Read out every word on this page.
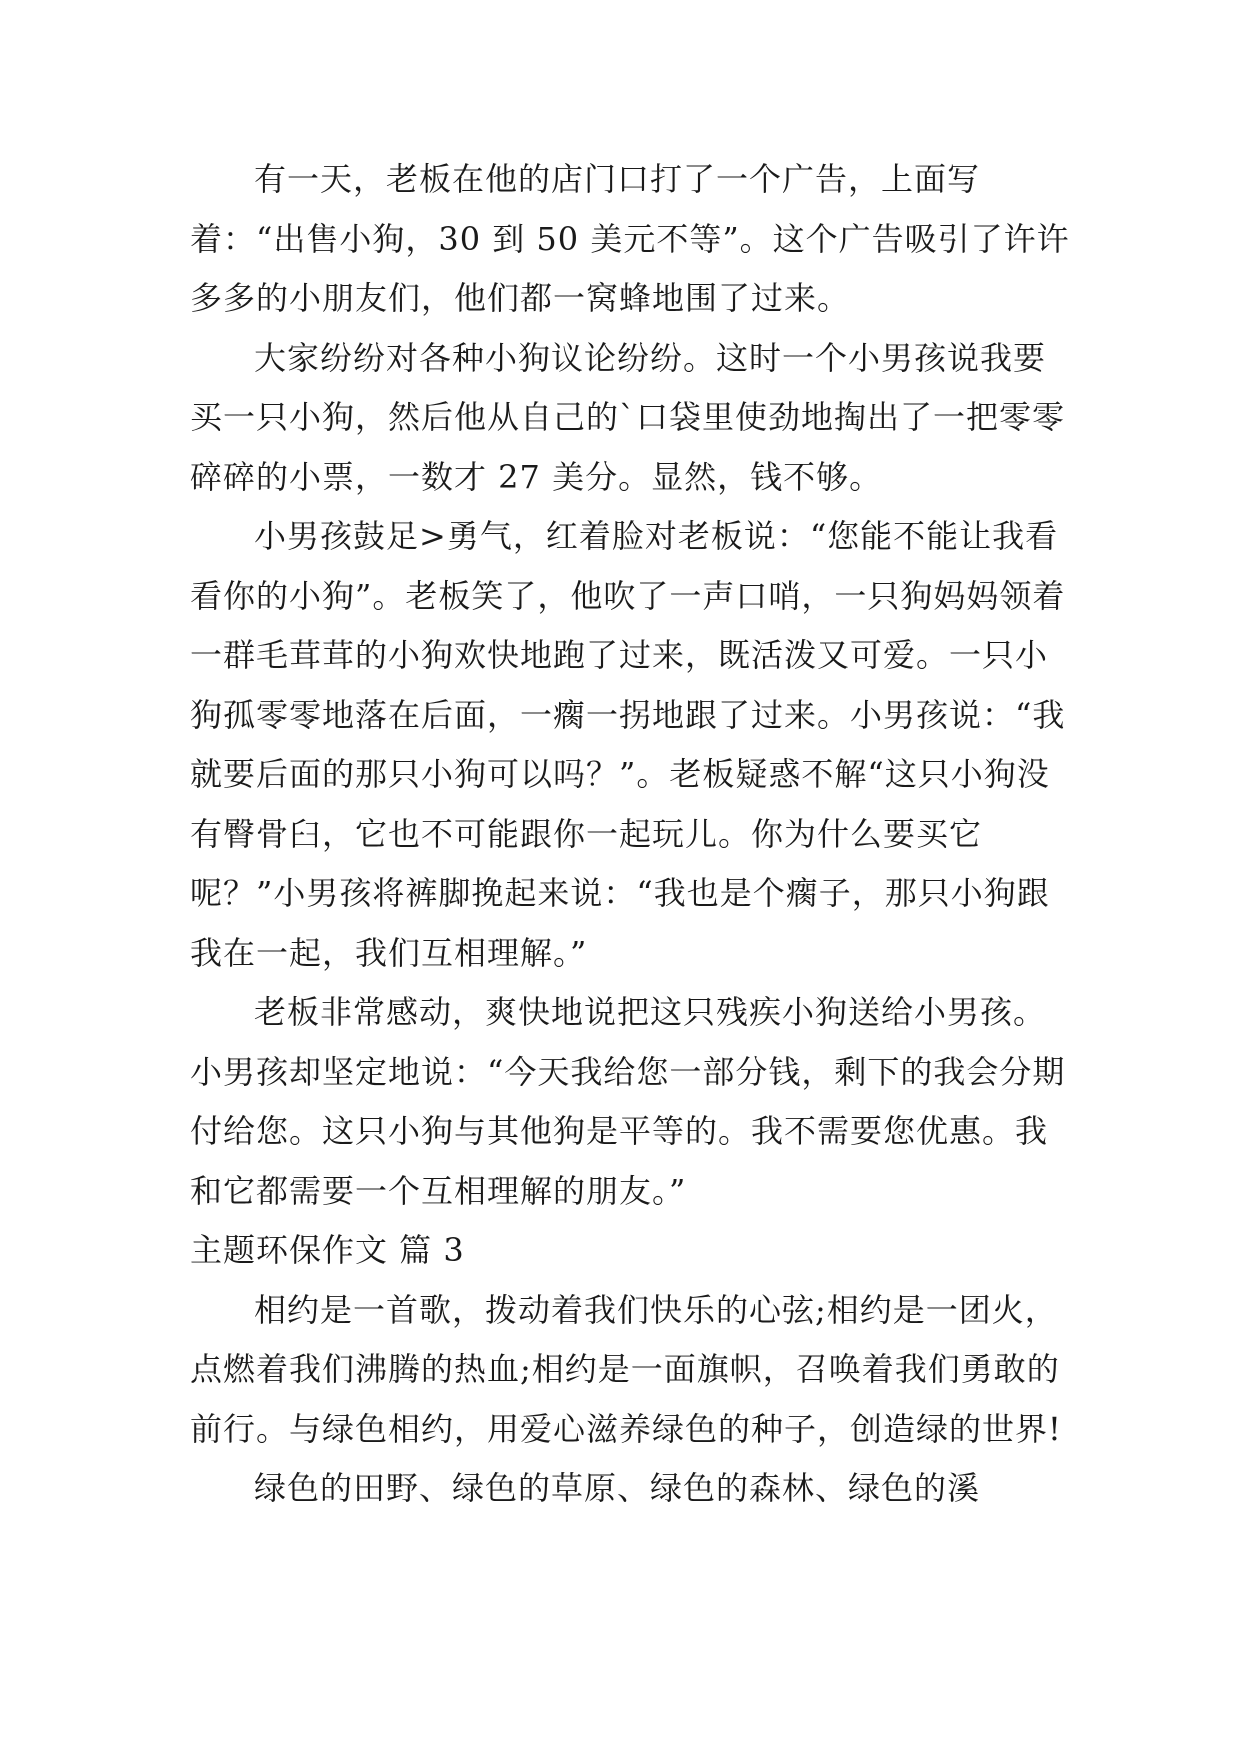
有一天，老板在他的店门口打了一个广告，上面写着：“出售小狗，30 到 50 美元不等”。这个广告吸引了许许多多的小朋友们，他们都一窝蜂地围了过来。

大家纷纷对各种小狗议论纷纷。这时一个小男孩说我要买一只小狗，然后他从自己的`口袋里使劲地掏出了一把零零碎碎的小票，一数才 27 美分。显然，钱不够。

小男孩鼓足>勇气，红着脸对老板说：“您能不能让我看看你的小狗”。老板笑了，他吹了一声口哨，一只狗妈妈领着一群毛茸茸的小狗欢快地跑了过来，既活泼又可爱。一只小狗孤零零地落在后面，一瘸一拐地跟了过来。小男孩说：“我就要后面的那只小狗可以吗？”。老板疑惑不解“这只小狗没有臀骨臼，它也不可能跟你一起玩儿。你为什么要买它呢？”小男孩将裤脚挽起来说：“我也是个瘸子，那只小狗跟我在一起，我们互相理解。”

老板非常感动，爽快地说把这只残疾小狗送给小男孩。小男孩却坚定地说：“今天我给您一部分钱，剩下的我会分期付给您。这只小狗与其他狗是平等的。我不需要您优惠。我和它都需要一个互相理解的朋友。”

主题环保作文 篇 3

相约是一首歌，拨动着我们快乐的心弦;相约是一团火，点燃着我们沸腾的热血;相约是一面旗帜，召唤着我们勇敢的前行。与绿色相约，用爱心滋养绿色的种子，创造绿的世界!

绿色的田野、绿色的草原、绿色的森林、绿色的溪
